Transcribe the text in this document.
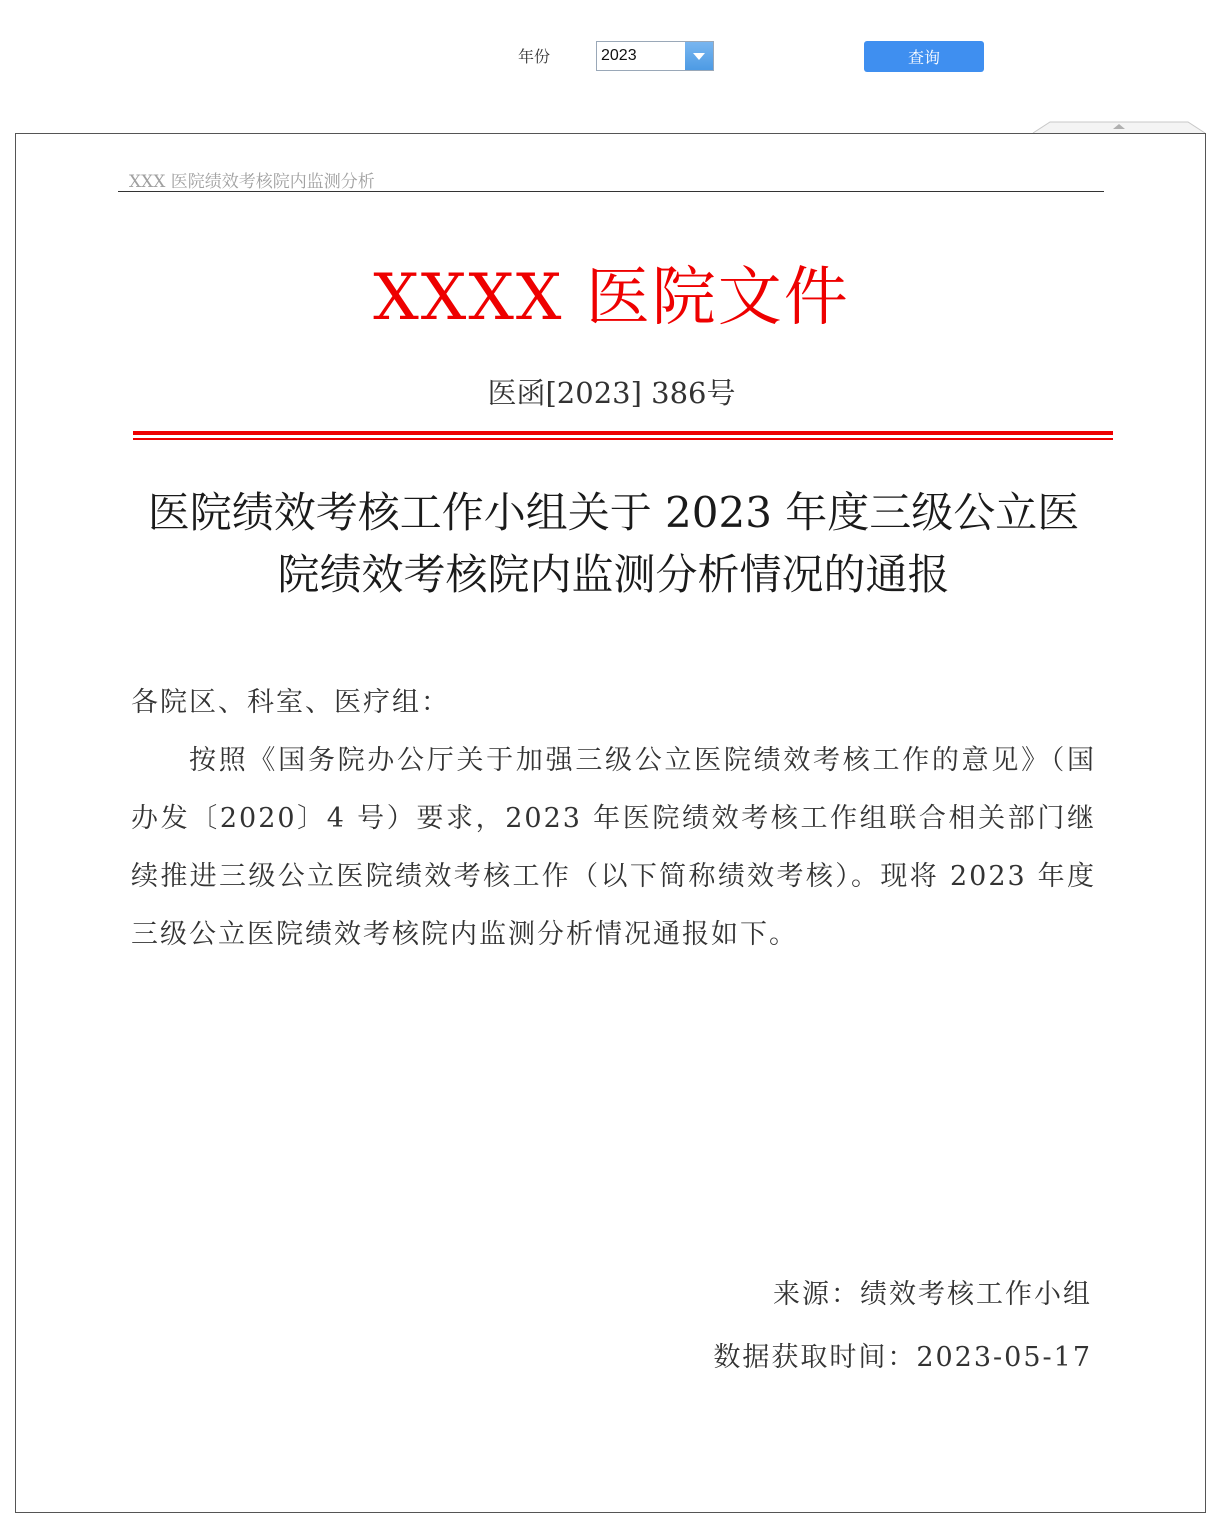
年份	2023	查询
XXX 医院绩效考核院内监测分析
XXXX 医院文件
医函[2023] 386号
医院绩效考核工作小组关于 2023 年度三级公立医
院绩效考核院内监测分析情况的通报

各院区、科室、医疗组：

按照《国务院办公厅关于加强三级公立医院绩效考核工作的意见》（国办发〔2020〕4 号）要求，2023 年医院绩效考核工作组联合相关部门继续推进三级公立医院绩效考核工作（以下简称绩效考核）。现将 2023 年度三级公立医院绩效考核院内监测分析情况通报如下。

来源：绩效考核工作小组
数据获取时间：2023-05-17
